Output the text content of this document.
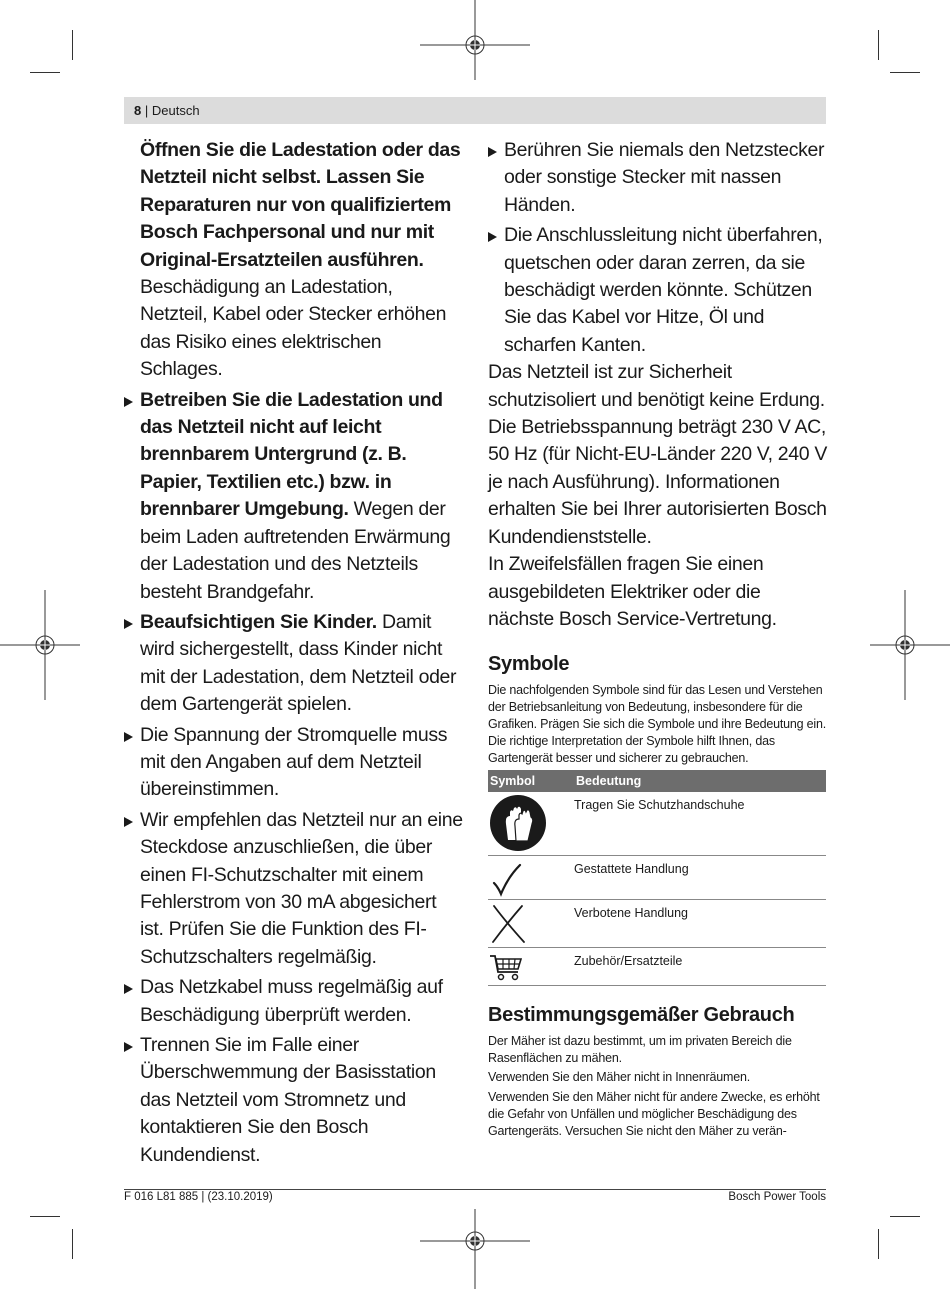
8 | Deutsch

Öffnen Sie die Ladestation oder das Netzteil nicht selbst. Lassen Sie Reparaturen nur von qualifiziertem Bosch Fachpersonal und nur mit Original-Ersatzteilen ausführen. Beschädigung an Ladestation, Netzteil, Kabel oder Stecker erhöhen das Risiko eines elektrischen Schlages.

Betreiben Sie die Ladestation und das Netzteil nicht auf leicht brennbarem Untergrund (z. B. Papier, Textilien etc.) bzw. in brennbarer Umgebung. Wegen der beim Laden auftretenden Erwärmung der Ladestation und des Netzteils besteht Brandgefahr.

Beaufsichtigen Sie Kinder. Damit wird sichergestellt, dass Kinder nicht mit der Ladestation, dem Netzteil oder dem Gartengerät spielen.

Die Spannung der Stromquelle muss mit den Angaben auf dem Netzteil übereinstimmen.

Wir empfehlen das Netzteil nur an eine Steckdose anzuschließen, die über einen FI-Schutzschalter mit einem Fehlerstrom von 30 mA abgesichert ist. Prüfen Sie die Funktion des FI-Schutzschalters regelmäßig.

Das Netzkabel muss regelmäßig auf Beschädigung überprüft werden.

Trennen Sie im Falle einer Überschwemmung der Basisstation das Netzteil vom Stromnetz und kontaktieren Sie den Bosch Kundendienst.

Berühren Sie niemals den Netzstecker oder sonstige Stecker mit nassen Händen.

Die Anschlussleitung nicht überfahren, quetschen oder daran zerren, da sie beschädigt werden könnte. Schützen Sie das Kabel vor Hitze, Öl und scharfen Kanten.

Das Netzteil ist zur Sicherheit schutzisoliert und benötigt keine Erdung. Die Betriebsspannung beträgt 230 V AC, 50 Hz (für Nicht-EU-Länder 220 V, 240 V je nach Ausführung). Informationen erhalten Sie bei Ihrer autorisierten Bosch Kundendienststelle.

In Zweifelsfällen fragen Sie einen ausgebildeten Elektriker oder die nächste Bosch Service-Vertretung.

Symbole

Die nachfolgenden Symbole sind für das Lesen und Verstehen der Betriebsanleitung von Bedeutung, insbesondere für die Grafiken. Prägen Sie sich die Symbole und ihre Bedeutung ein. Die richtige Interpretation der Symbole hilft Ihnen, das Gartengerät besser und sicherer zu gebrauchen.

Symbol	Bedeutung

	Tragen Sie Schutzhandschuhe

	Gestattete Handlung

	Verbotene Handlung

	Zubehör/Ersatzteile

Bestimmungsgemäßer Gebrauch

Der Mäher ist dazu bestimmt, um im privaten Bereich die Rasenflächen zu mähen.

Verwenden Sie den Mäher nicht in Innenräumen.

Verwenden Sie den Mäher nicht für andere Zwecke, es erhöht die Gefahr von Unfällen und möglicher Beschädigung des Gartengeräts. Versuchen Sie nicht den Mäher zu verän-

F 016 L81 885 | (23.10.2019)	Bosch Power Tools
